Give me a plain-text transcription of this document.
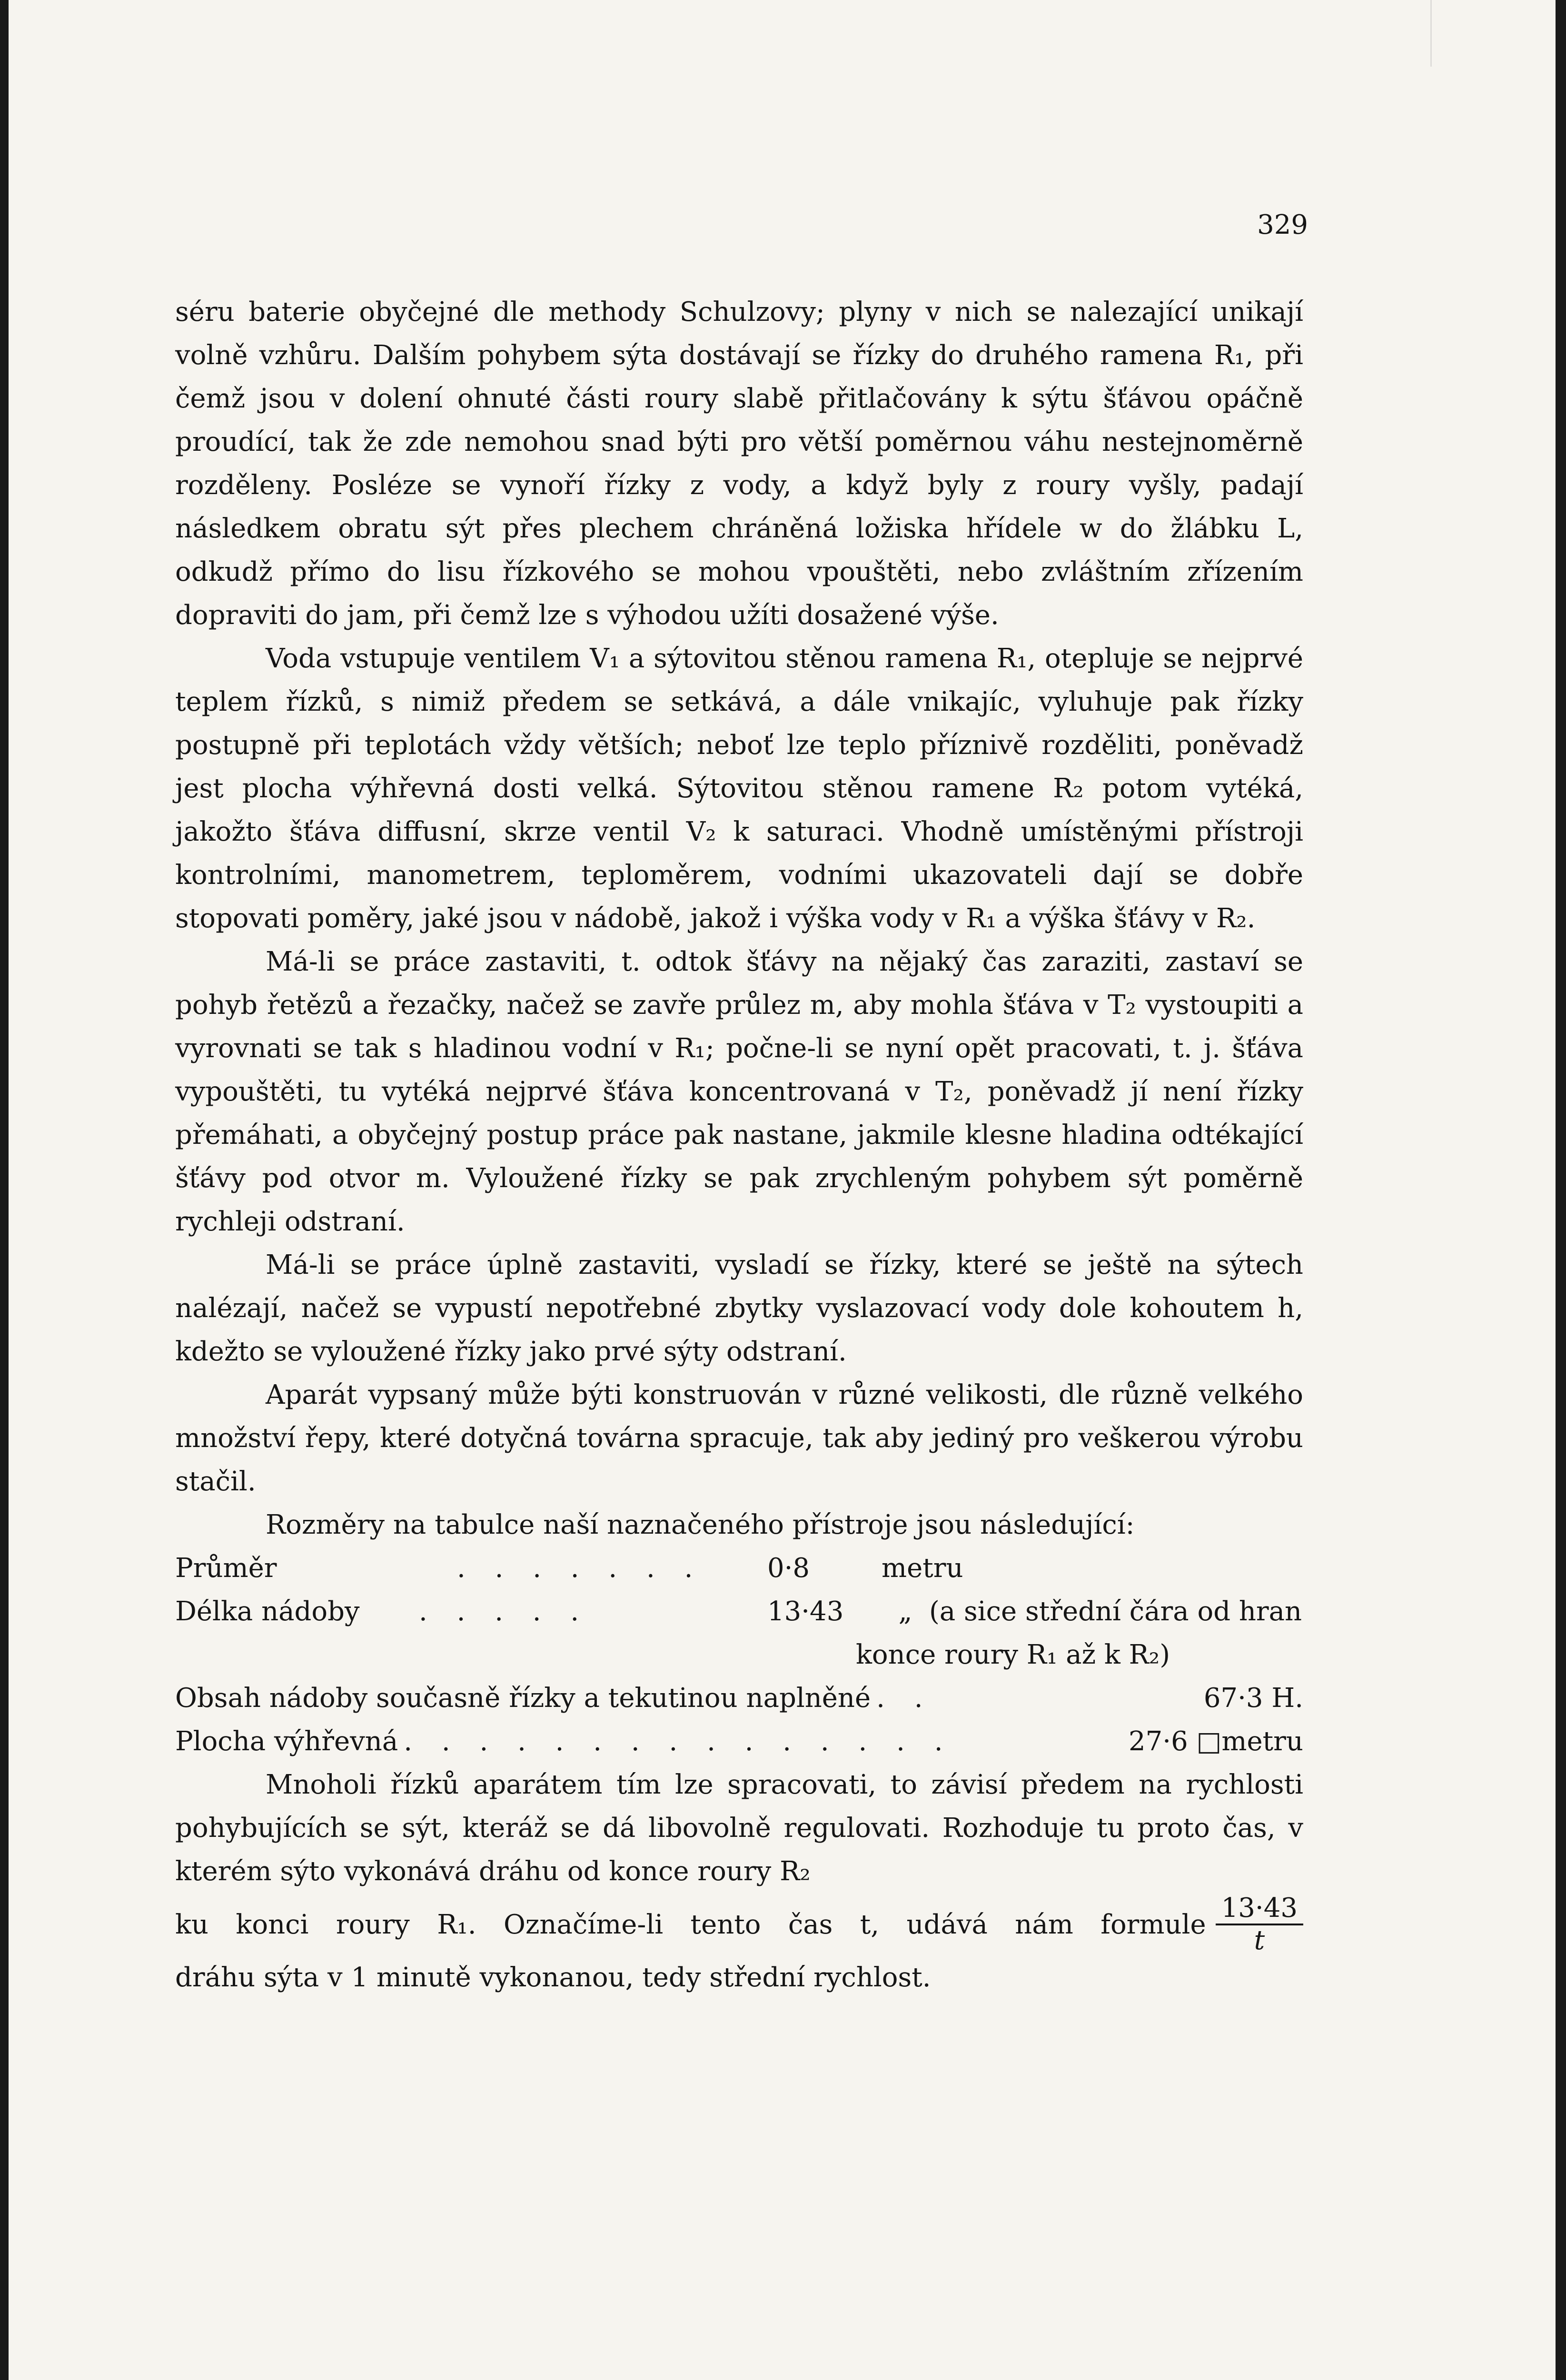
329

séru baterie obyčejné dle methody Schulzovy; plyny v nich se nalezající unikají volně vzhůru. Dalším pohybem sýta dostávají se řízky do druhého ramena R₁, při čemž jsou v dolení ohnuté části roury slabě přitlačovány k sýtu šťávou opáčně proudící, tak že zde nemohou snad býti pro větší poměrnou váhu nestejnoměrně rozděleny. Posléze se vynoří řízky z vody, a když byly z roury vyšly, padají následkem obratu sýt přes plechem chráněná ložiska hřídele w do žlábku L, odkudž přímo do lisu řízkového se mohou vpouštěti, nebo zvláštním zřízením dopraviti do jam, při čemž lze s výhodou užíti dosažené výše.

Voda vstupuje ventilem V₁ a sýtovitou stěnou ramena R₁, otepluje se nejprvé teplem řízků, s nimiž předem se setkává, a dále vnikajíc, vyluhuje pak řízky postupně při teplotách vždy větších; neboť lze teplo příznivě rozděliti, poněvadž jest plocha výhřevná dosti velká. Sýtovitou stěnou ramene R₂ potom vytéká, jakožto šťáva diffusní, skrze ventil V₂ k saturaci. Vhodně umístěnými přístroji kontrolními, manometrem, teploměrem, vodními ukazovateli dají se dobře stopovati poměry, jaké jsou v nádobě, jakož i výška vody v R₁ a výška šťávy v R₂.

Má-li se práce zastaviti, t. odtok šťávy na nějaký čas zaraziti, zastaví se pohyb řetězů a řezačky, načež se zavře průlez m, aby mohla šťáva v T₂ vystoupiti a vyrovnati se tak s hladinou vodní v R₁; počne-li se nyní opět pracovati, t. j. šťáva vypouštěti, tu vytéká nejprvé šťáva koncentrovaná v T₂, poněvadž jí není řízky přemáhati, a obyčejný postup práce pak nastane, jakmile klesne hladina odtékající šťávy pod otvor m. Vyloužené řízky se pak zrychleným pohybem sýt poměrně rychleji odstraní.

Má-li se práce úplně zastaviti, vysladí se řízky, které se ještě na sýtech nalézají, načež se vypustí nepotřebné zbytky vyslazovací vody dole kohoutem h, kdežto se vyloužené řízky jako prvé sýty odstraní.

Aparát vypsaný může býti konstruován v různé velikosti, dle různě velkého množství řepy, které dotyčná továrna spracuje, tak aby jediný pro veškerou výrobu stačil.

Rozměry na tabulce naší naznačeného přístroje jsou následující:

Průměr	. . . . . . .	0·8	metru
Délka nádoby	. . . . .	13·43	„ (a sice střední čára od hran
konce roury R₁ až k R₂)
Obsah nádoby současně řízky a tekutinou naplněné . .	67·3 H.
Plocha výhřevná . . . . . . . . . . . . . . .	27·6 □metru

Mnoholi řízků aparátem tím lze spracovati, to závisí předem na rychlosti pohybujících se sýt, kteráž se dá libovolně regulovati. Rozhoduje tu proto čas, v kterém sýto vykonává dráhu od konce roury R₂

ku konci roury R₁. Označíme-li tento čas t, udává nám formule $\frac{13\cdot 43}{t}$

dráhu sýta v 1 minutě vykonanou, tedy střední rychlost.
